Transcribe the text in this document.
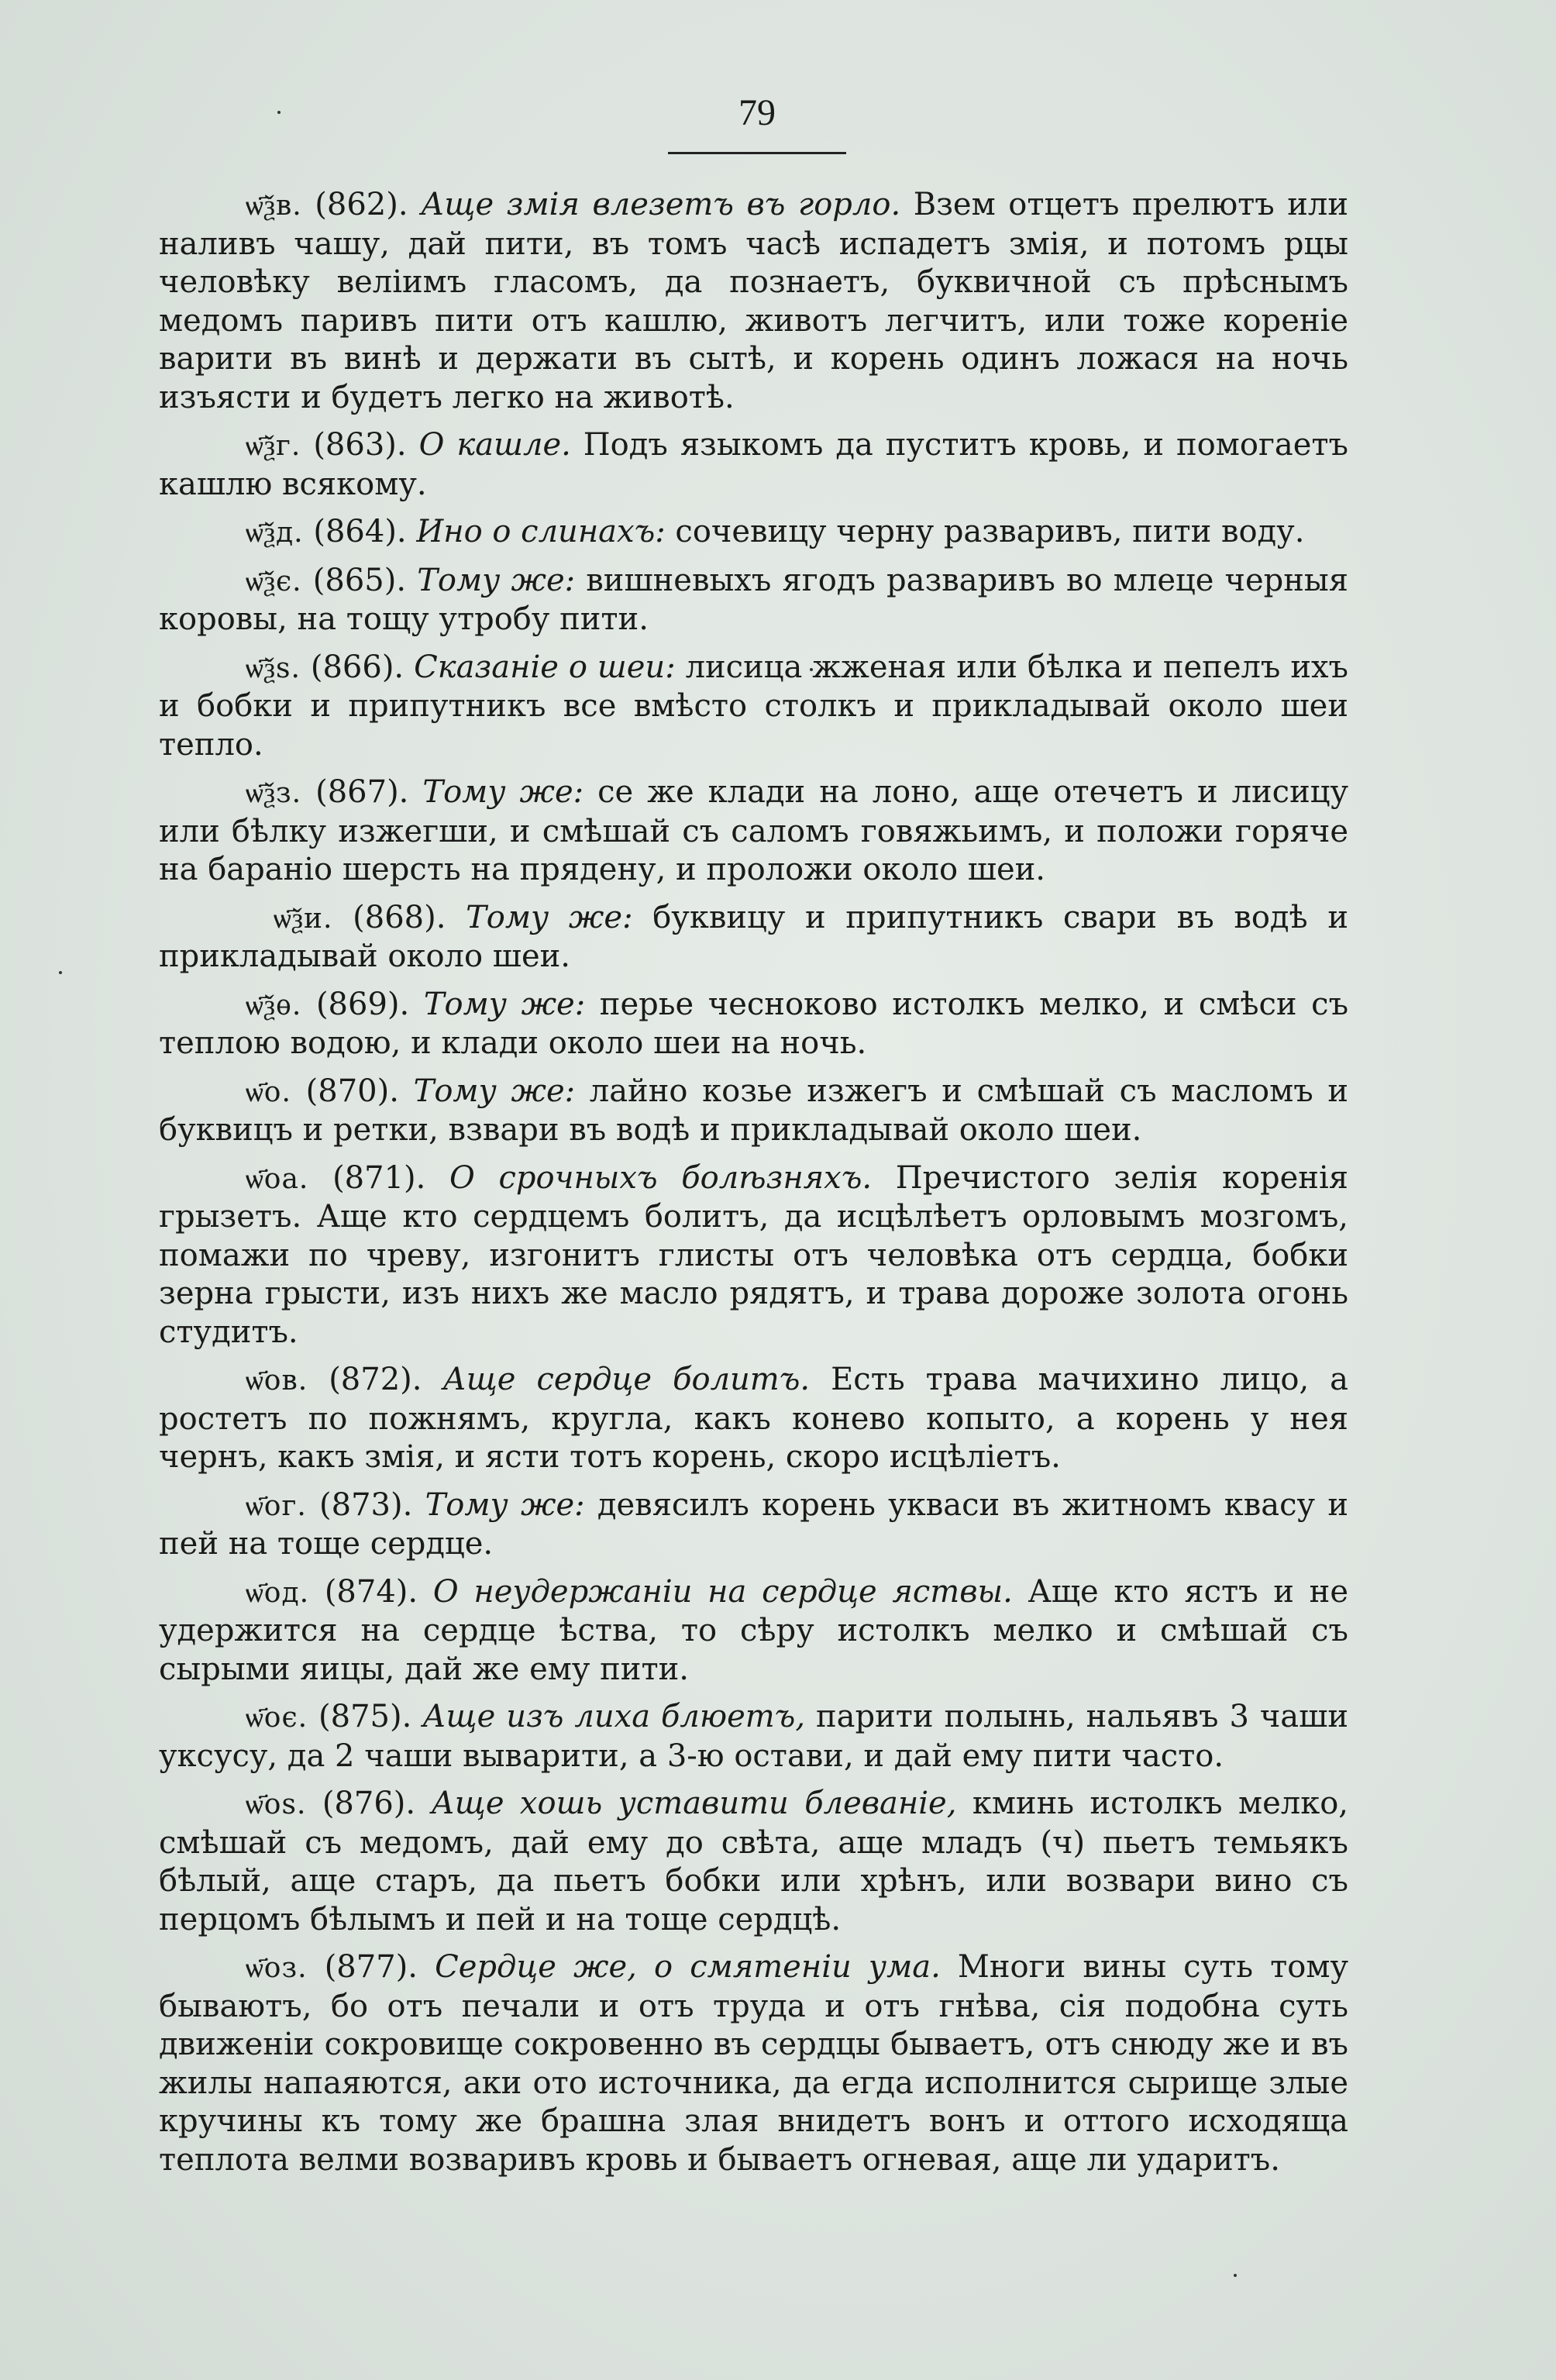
79

ѡ҃ѯв. (862). Аще змія влезетъ въ горло. Взем отцетъ прелютъ или наливъ чашу, дай пити, въ томъ часѣ испадетъ змія, и потомъ рцы человѣку веліимъ гласомъ, да познаетъ, буквичной съ прѣснымъ медомъ паривъ пити отъ кашлю, животъ легчитъ, или тоже кореніе варити въ винѣ и держати въ сытѣ, и корень одинъ ложася на ночь изъясти и будетъ легко на животѣ.

ѡ҃ѯг. (863). О кашле. Подъ языкомъ да пуститъ кровь, и помогаетъ кашлю всякому.

ѡ҃ѯд. (864). Ино о слинахъ: сочевицу черну разваривъ, пити воду.

ѡ҃ѯє. (865). Тому же: вишневыхъ ягодъ разваривъ во млеце черныя коровы, на тощу утробу пити.

ѡ҃ѯѕ. (866). Сказаніе о шеи: лисица жженая или бѣлка и пепелъ ихъ и бобки и припутникъ все вмѣсто столкъ и прикладывай около шеи тепло.

ѡ҃ѯз. (867). Тому же: се же клади на лоно, аще отечетъ и лисицу или бѣлку изжегши, и смѣшай съ саломъ говяжьимъ, и положи горяче на бараніо шерсть на прядену, и проложи около шеи.

ѡ҃ѯи. (868). Тому же: буквицу и припутникъ свари въ водѣ и прикладывай около шеи.

ѡ҃ѯѳ. (869). Тому же: перье чесноково истолкъ мелко, и смѣси съ теплою водою, и клади около шеи на ночь.

ѡ҃о. (870). Тому же: лайно козье изжегъ и смѣшай съ масломъ и буквицъ и ретки, взвари въ водѣ и прикладывай около шеи.

ѡ҃оа. (871). О срочныхъ болѣзняхъ. Пречистого зелія коренія грызетъ. Аще кто сердцемъ болитъ, да исцѣлѣетъ орловымъ мозгомъ, помажи по чреву, изгонитъ глисты отъ человѣка отъ сердца, бобки зерна грысти, изъ нихъ же масло рядятъ, и трава дороже золота огонь студитъ.

ѡ҃ов. (872). Аще сердце болитъ. Есть трава мачихино лицо, а ростетъ по пожнямъ, кругла, какъ конево копыто, а корень у нея чернъ, какъ змія, и ясти тотъ корень, скоро исцѣліетъ.

ѡ҃ог. (873). Тому же: девясилъ корень укваси въ житномъ квасу и пей на тоще сердце.

ѡ҃од. (874). О неудержаніи на сердце яствы. Аще кто ястъ и не удержится на сердце ѣства, то сѣру истолкъ мелко и смѣшай съ сырыми яицы, дай же ему пити.

ѡ҃оє. (875). Аще изъ лиха блюетъ, парити полынь, нальявъ 3 чаши уксусу, да 2 чаши выварити, а 3-ю остави, и дай ему пити часто.

ѡ҃оѕ. (876). Аще хошь уставити блеваніе, кминь истолкъ мелко, смѣшай съ медомъ, дай ему до свѣта, аще младъ (ч) пьетъ темьякъ бѣлый, аще старъ, да пьетъ бобки или хрѣнъ, или возвари вино съ перцомъ бѣлымъ и пей и на тоще сердцѣ.

ѡ҃оз. (877). Сердце же, о смятеніи ума. Многи вины суть тому бываютъ, бо отъ печали и отъ труда и отъ гнѣва, сія подобна суть движеніи сокровище сокровенно въ сердцы бываетъ, отъ снюду же и въ жилы напаяются, аки ото источника, да егда исполнится сырище злые кручины къ тому же брашна злая внидетъ вонъ и оттого исходяща теплота велми возваривъ кровь и бываетъ огневая, аще ли ударитъ.
